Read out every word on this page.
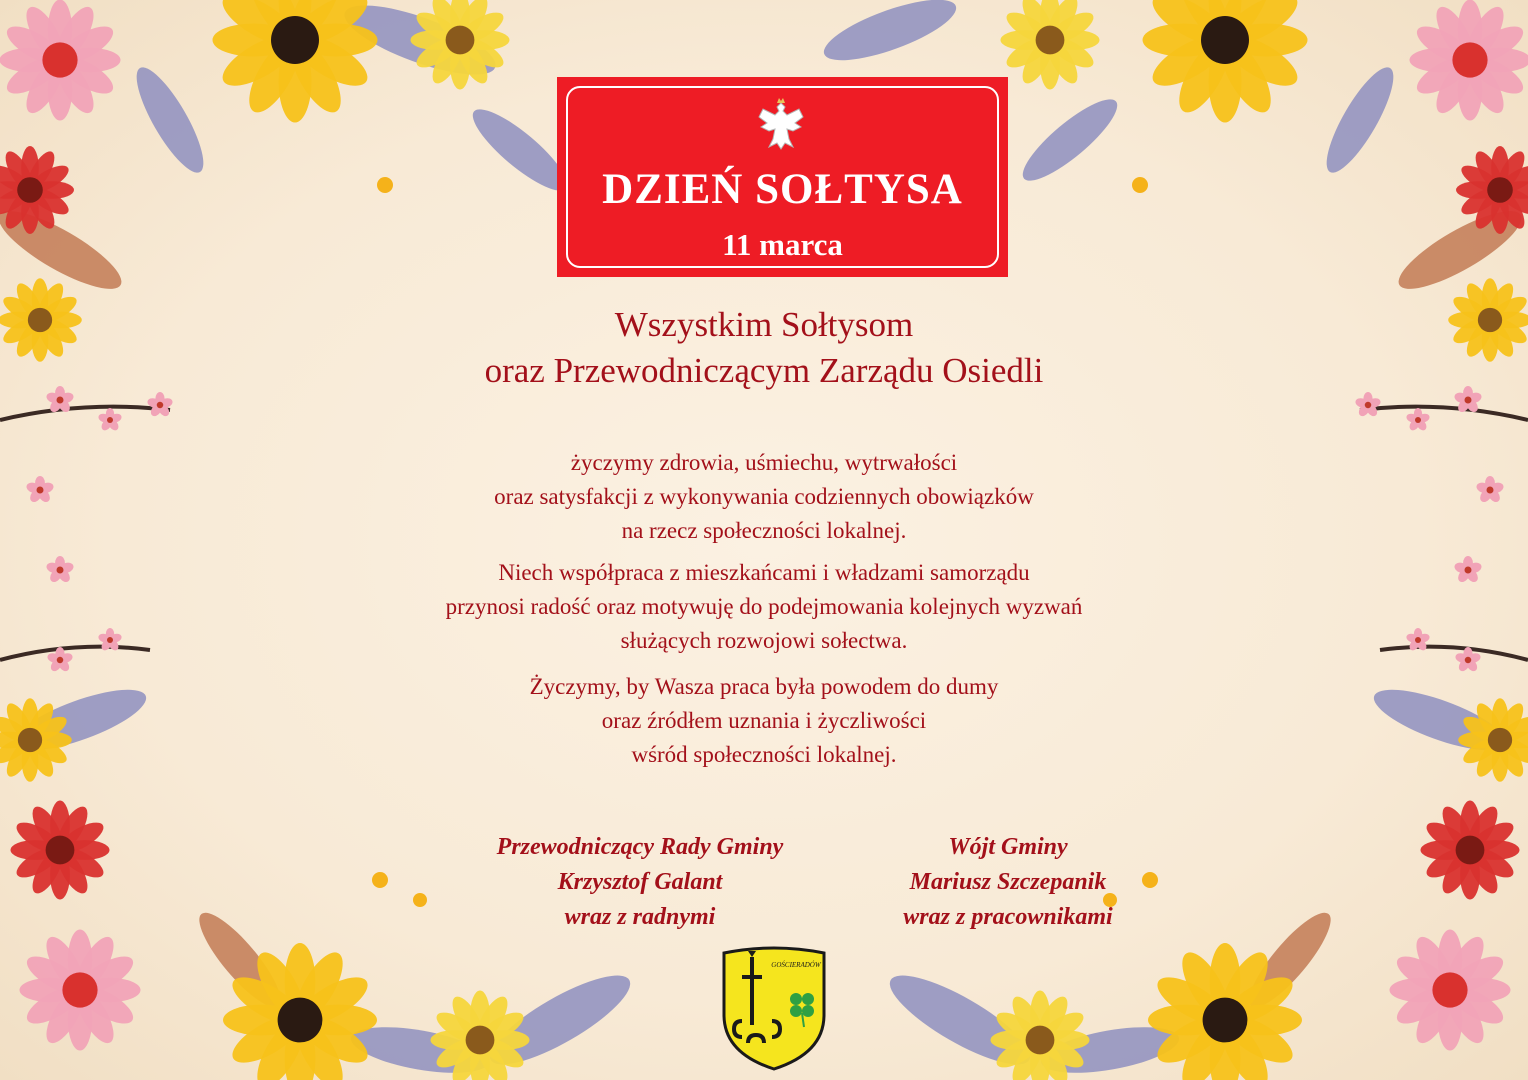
DZIEŃ SOŁTYSA
11 marca
Wszystkim Sołtysom
oraz Przewodniczącym Zarządu Osiedli
życzymy zdrowia, uśmiechu, wytrwałości
oraz satysfakcji z wykonywania codziennych obowiązków
na rzecz społeczności lokalnej.
Niech współpraca z mieszkańcami i władzami samorządu
przynosi radość oraz motywuję do podejmowania kolejnych wyzwań
służących rozwojowi sołectwa.
Życzymy, by Wasza praca była powodem do dumy
oraz źródłem uznania i życzliwości
wśród społeczności lokalnej.
Przewodniczący Rady Gminy
Krzysztof Galant
wraz z radnymi
Wójt Gminy
Mariusz Szczepanik
wraz z pracownikami
GOŚCIERADÓW
